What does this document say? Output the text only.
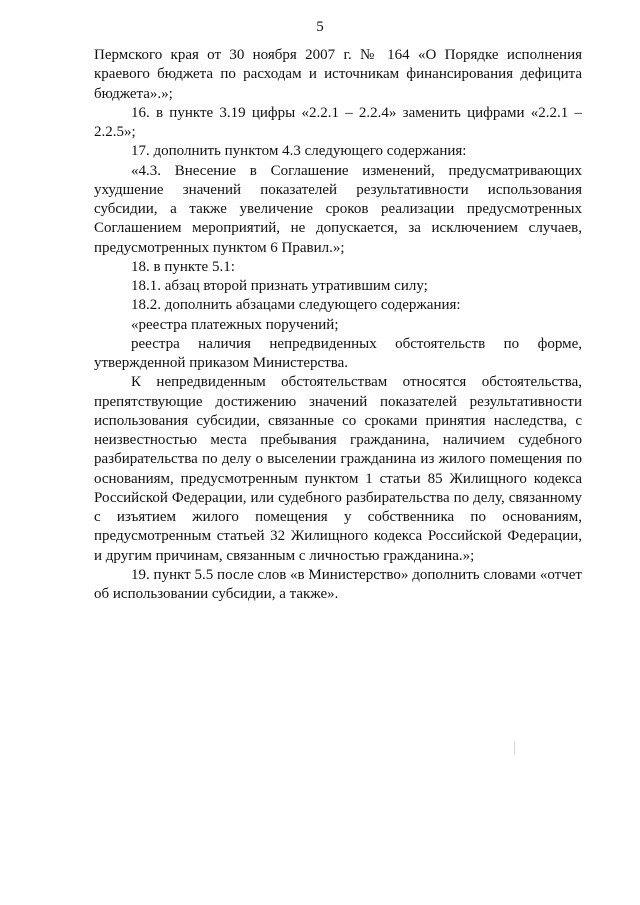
5

Пермского края от 30 ноября 2007 г. № 164 «О Порядке исполнения краевого бюджета по расходам и источникам финансирования дефицита бюджета».»;

16. в пункте 3.19 цифры «2.2.1 – 2.2.4» заменить цифрами «2.2.1 – 2.2.5»;

17. дополнить пунктом 4.3 следующего содержания:

«4.3. Внесение в Соглашение изменений, предусматривающих ухудшение значений показателей результативности использования субсидии, а также увеличение сроков реализации предусмотренных Соглашением мероприятий, не допускается, за исключением случаев, предусмотренных пунктом 6 Правил.»;

18. в пункте 5.1:

18.1. абзац второй признать утратившим силу;

18.2. дополнить абзацами следующего содержания:

«реестра платежных поручений;

реестра наличия непредвиденных обстоятельств по форме, утвержденной приказом Министерства.

К непредвиденным обстоятельствам относятся обстоятельства, препятствующие достижению значений показателей результативности использования субсидии, связанные со сроками принятия наследства, с неизвестностью места пребывания гражданина, наличием судебного разбирательства по делу о выселении гражданина из жилого помещения по основаниям, предусмотренным пунктом 1 статьи 85 Жилищного кодекса Российской Федерации, или судебного разбирательства по делу, связанному с изъятием жилого помещения у собственника по основаниям, предусмотренным статьей 32 Жилищного кодекса Российской Федерации, и другим причинам, связанным с личностью гражданина.»;

19. пункт 5.5 после слов «в Министерство» дополнить словами «отчет об использовании субсидии, а также».
